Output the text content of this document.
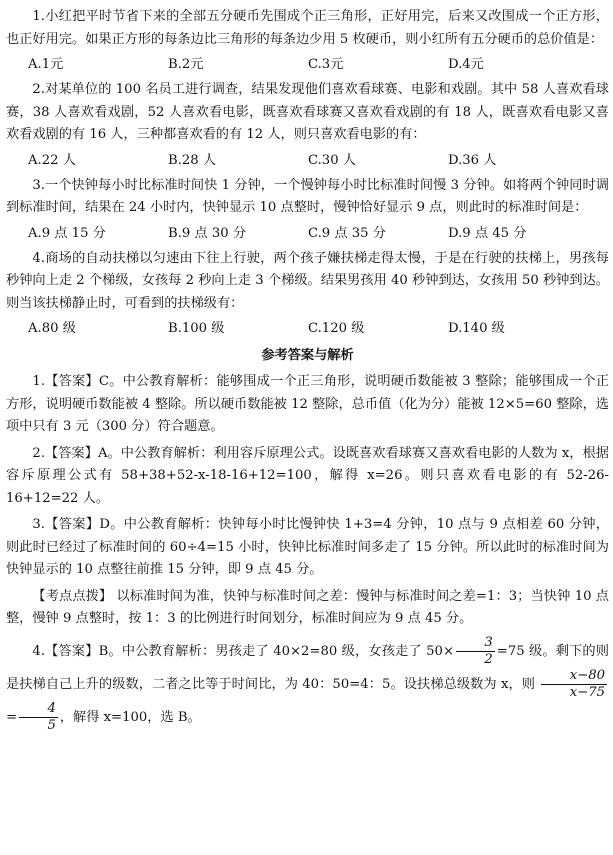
1.小红把平时节省下来的全部五分硬币先围成个正三角形，正好用完，后来又改围成一个正方形，也正好用完。如果正方形的每条边比三角形的每条边少用 5 枚硬币，则小红所有五分硬币的总价值是：

A.1元	B.2元	C.3元	D.4元

2.对某单位的 100 名员工进行调查，结果发现他们喜欢看球赛、电影和戏剧。其中 58 人喜欢看球赛，38 人喜欢看戏剧，52 人喜欢看电影，既喜欢看球赛又喜欢看戏剧的有 18 人，既喜欢看电影又喜欢看戏剧的有 16 人，三种都喜欢看的有 12 人，则只喜欢看电影的有：

A.22 人	B.28 人	C.30 人	D.36 人

3.一个快钟每小时比标准时间快 1 分钟，一个慢钟每小时比标准时间慢 3 分钟。如将两个钟同时调到标准时间，结果在 24 小时内，快钟显示 10 点整时，慢钟恰好显示 9 点，则此时的标准时间是：

A.9 点 15 分	B.9 点 30 分	C.9 点 35 分	D.9 点 45 分

4.商场的自动扶梯以匀速由下往上行驶，两个孩子嫌扶梯走得太慢，于是在行驶的扶梯上，男孩每秒钟向上走 2 个梯级，女孩每 2 秒向上走 3 个梯级。结果男孩用 40 秒钟到达，女孩用 50 秒钟到达。则当该扶梯静止时，可看到的扶梯级有：

A.80 级	B.100 级	C.120 级	D.140 级

参考答案与解析

1.【答案】C。中公教育解析：能够围成一个正三角形，说明硬币数能被 3 整除；能够围成一个正方形，说明硬币数能被 4 整除。所以硬币数能被 12 整除，总币值（化为分）能被 12×5=60 整除，选项中只有 3 元（300 分）符合题意。

2.【答案】A。中公教育解析：利用容斥原理公式。设既喜欢看球赛又喜欢看电影的人数为 x，根据容斥原理公式有 58+38+52-x-18-16+12=100，解得 x=26。则只喜欢看电影的有 52-26-16+12=22 人。

3.【答案】D。中公教育解析：快钟每小时比慢钟快 1+3=4 分钟，10 点与 9 点相差 60 分钟，则此时已经过了标准时间的 60÷4=15 小时，快钟比标准时间多走了 15 分钟。所以此时的标准时间为快钟显示的 10 点整往前推 15 分钟，即 9 点 45 分。

【考点点拨】 以标准时间为准，快钟与标准时间之差：慢钟与标准时间之差=1：3；当快钟 10 点整，慢钟 9 点整时，按 1：3 的比例进行时间划分，标准时间应为 9 点 45 分。

4.【答案】B。中公教育解析：男孩走了 40×2=80 级，女孩走了 $50\times \frac{3}{2} =75$ 级。剩下的则是扶梯自己上升的级数，二者之比等于时间比，为 40：50=4：5。设扶梯总级数为 x，则 $\frac{x-80}{x-75}$
= $\frac{4}{5}$ ，解得 x=100，选 B。
